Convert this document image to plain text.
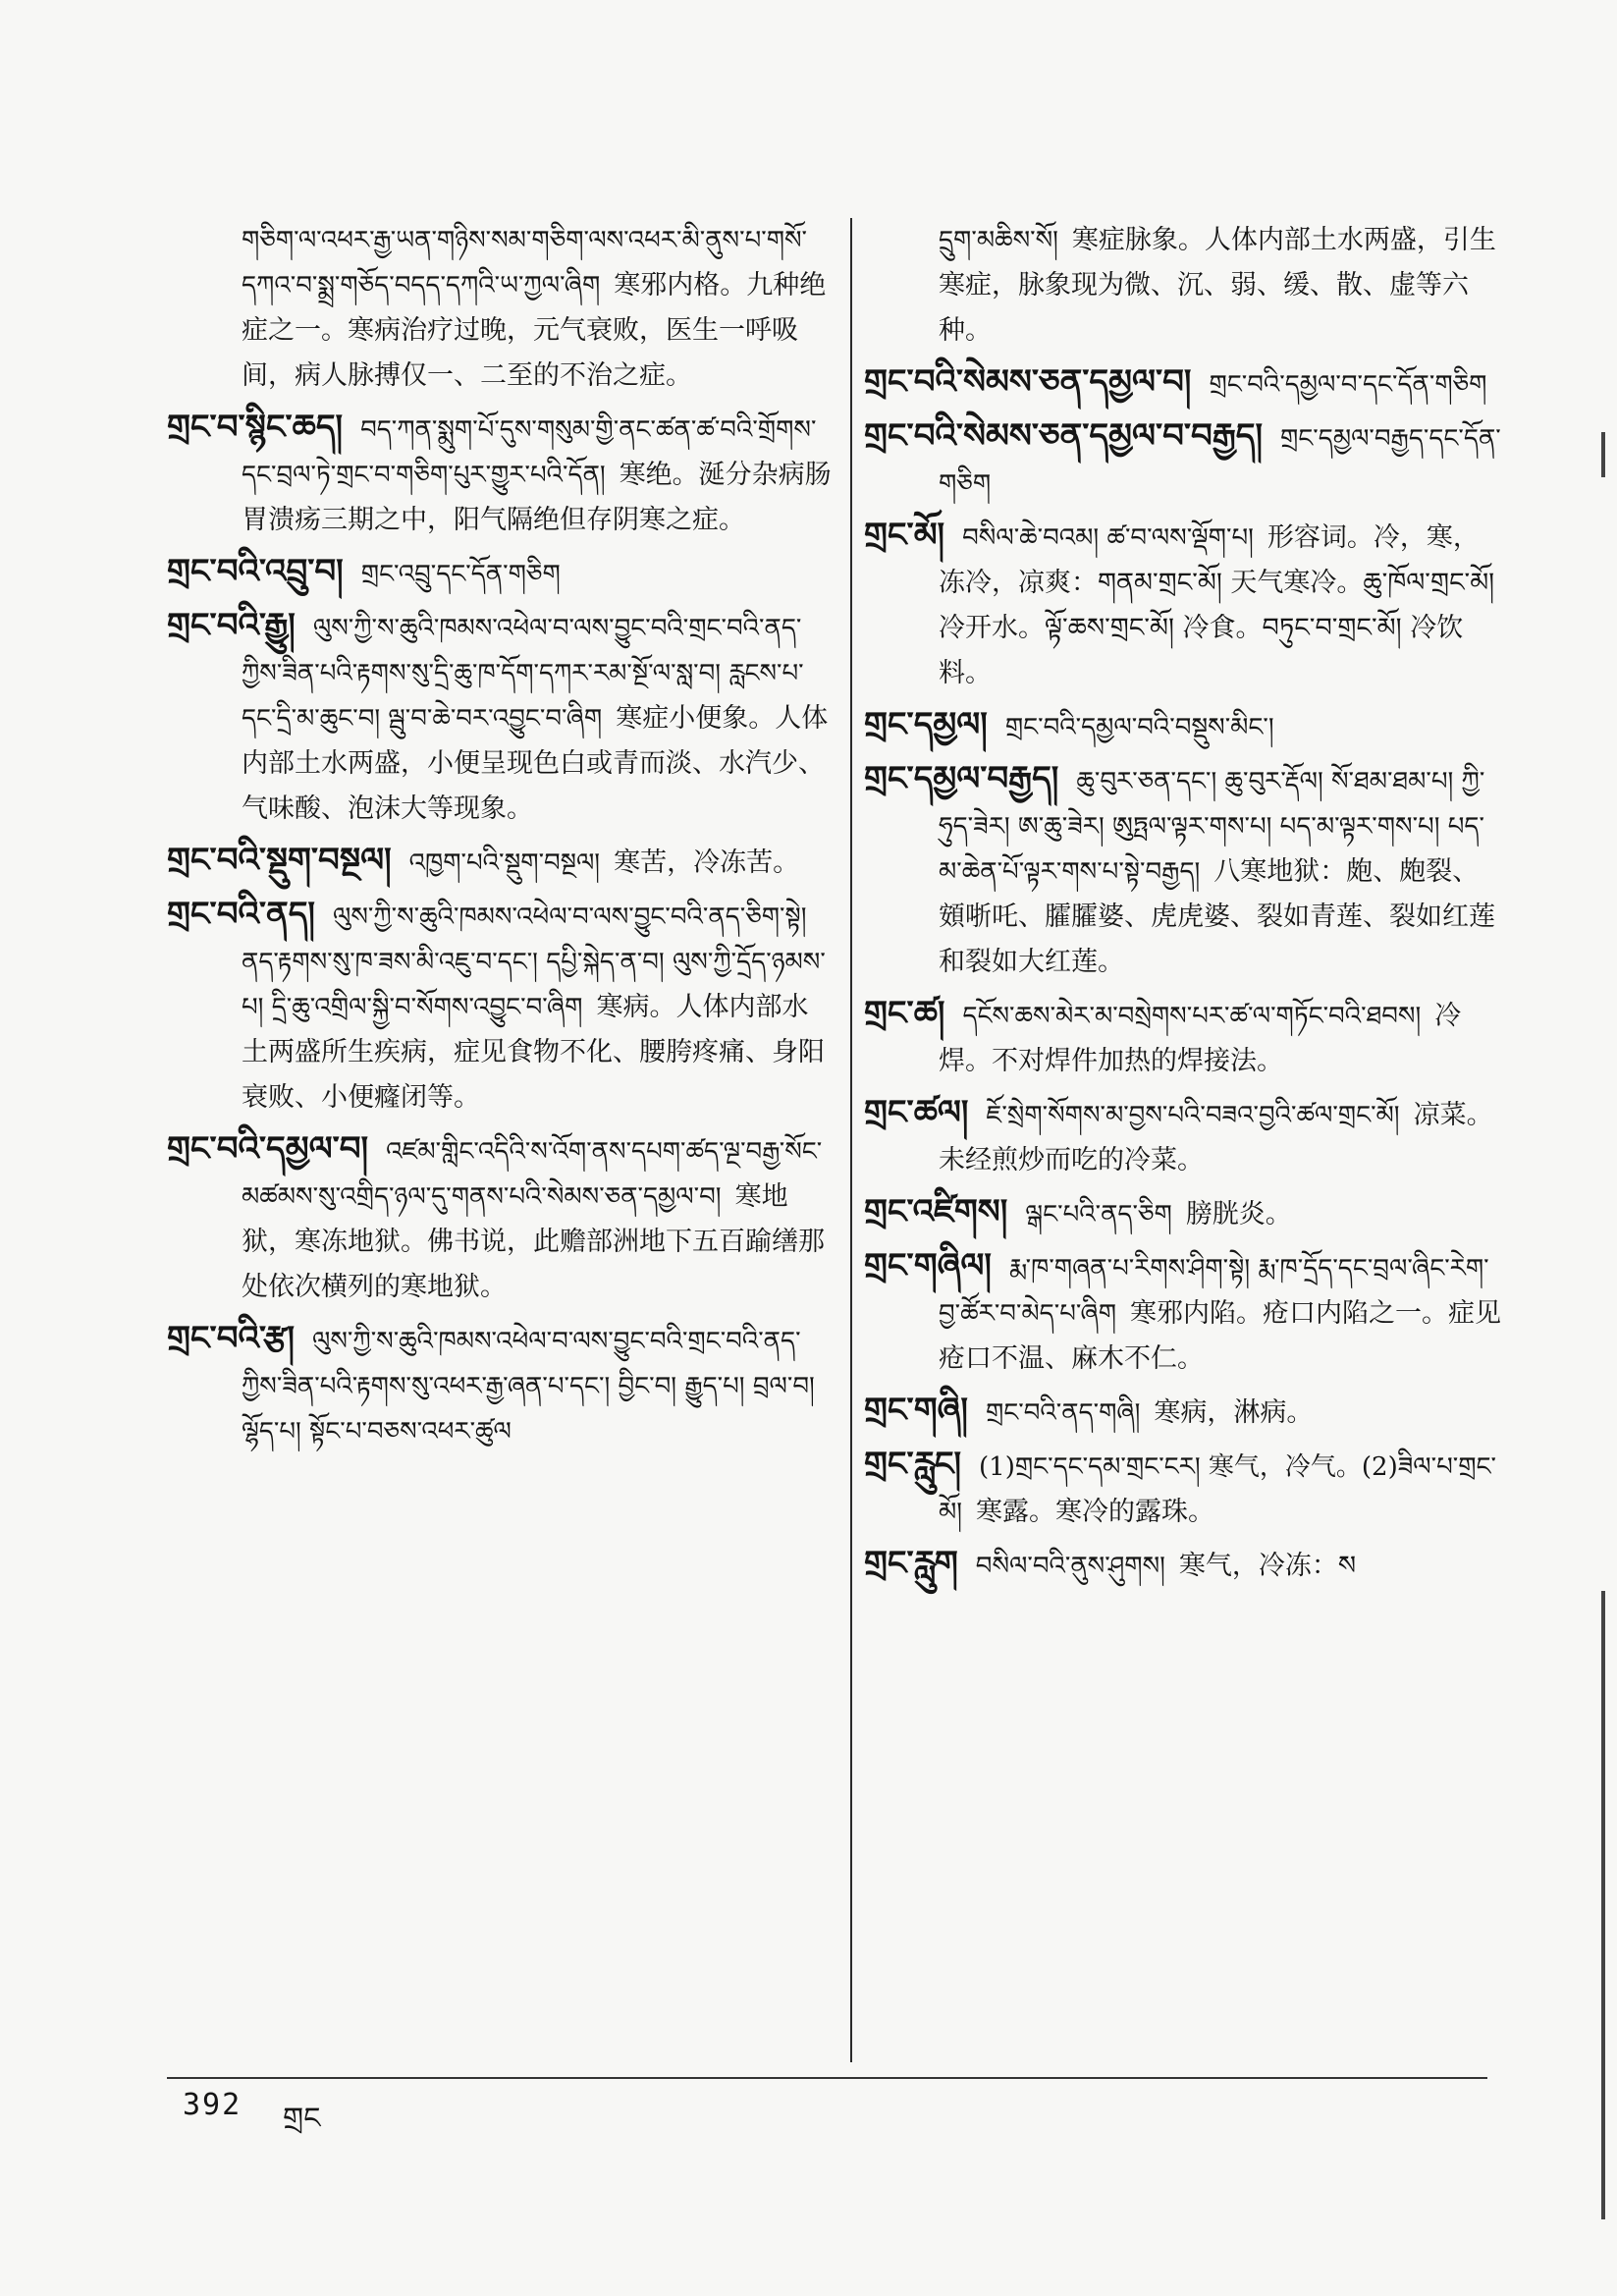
གཅིག་ལ་འཕར་རྒྱ་ཡན་གཉིས་སམ་གཅིག་ལས་འཕར་མི་ནུས་པ་གསོ་དཀའ་བ་སྨྲ་གཅོད་བདད་དཀའི་ཡ་ཀྱལ་ཞིག 寒邪内格。九种绝症之一。寒病治疗过晚，元气衰败，医生一呼吸间，病人脉搏仅一、二至的不治之症。

གྲང་བ་སྙིང་ཆད། བད་ཀན་སྨུག་པོ་དུས་གསུམ་གྱི་ནང་ཚན་ཚ་བའི་གྲོགས་དང་བྲལ་ཏེ་གྲང་བ་གཅིག་པུར་གྱུར་པའི་དོན། 寒绝。涎分杂病肠胃溃疡三期之中，阳气隔绝但存阴寒之症。

གྲང་བའི་འབྲུ་བ། གྲང་འབྲུ་དང་དོན་གཅིག

གྲང་བའི་རྒྱུ། ལུས་ཀྱི་ས་ཆུའི་ཁམས་འཕེལ་བ་ལས་བྱུང་བའི་གྲང་བའི་ནད་ཀྱིས་ཟིན་པའི་རྟགས་སུ་དྲི་ཆུ་ཁ་དོག་དཀར་རམ་སྔོ་ལ་སླ་བ། རླངས་པ་དང་དྲི་མ་ཆུང་བ། ལྦུ་བ་ཆེ་བར་འབྱུང་བ་ཞིག 寒症小便象。人体内部土水两盛，小便呈现色白或青而淡、水汽少、气味酸、泡沫大等现象。

གྲང་བའི་སྡུག་བསྔལ། འཁྱག་པའི་སྡུག་བསྔལ། 寒苦，冷冻苦。

གྲང་བའི་ནད། ལུས་ཀྱི་ས་ཆུའི་ཁམས་འཕེལ་བ་ལས་བྱུང་བའི་ནད་ཅིག་སྟེ། ནད་རྟགས་སུ་ཁ་ཟས་མི་འཇུ་བ་དང་། དཔྱི་སྐེད་ན་བ། ལུས་ཀྱི་དྲོད་ཉམས་པ། དྲི་ཆུ་འགྲིལ་སྐྱི་བ་སོགས་འབྱུང་བ་ཞིག 寒病。人体内部水土两盛所生疾病，症见食物不化、腰胯疼痛、身阳衰败、小便癃闭等。

གྲང་བའི་དམྱལ་བ། འཛམ་གླིང་འདིའི་ས་འོག་ནས་དཔག་ཚད་ལྔ་བརྒྱ་སོང་མཚམས་སུ་འགྲིད་ཉལ་དུ་གནས་པའི་སེམས་ཅན་དམྱལ་བ། 寒地狱，寒冻地狱。佛书说，此赡部洲地下五百踰缮那处依次横列的寒地狱。

གྲང་བའི་རྩ། ལུས་ཀྱི་ས་ཆུའི་ཁམས་འཕེལ་བ་ལས་བྱུང་བའི་གྲང་བའི་ནད་ཀྱིས་ཟིན་པའི་རྟགས་སུ་འཕར་རྒྱ་ཞན་པ་དང་། བྱིང་བ། རྒྱུད་པ། བྲལ་བ། ལྷོད་པ། སྟོང་པ་བཅས་འཕར་ཚུལ

དྲུག་མཆིས་སོ། 寒症脉象。人体内部土水两盛，引生寒症，脉象现为微、沉、弱、缓、散、虚等六种。

གྲང་བའི་སེམས་ཅན་དམྱལ་བ། གྲང་བའི་དམྱལ་བ་དང་དོན་གཅིག

གྲང་བའི་སེམས་ཅན་དམྱལ་བ་བརྒྱད། གྲང་དམྱལ་བརྒྱད་དང་དོན་གཅིག

གྲང་མོ། བསིལ་ཆེ་བའམ། ཚ་བ་ལས་ལྡོག་པ། 形容词。冷，寒，冻冷，凉爽：གནམ་གྲང་མོ། 天气寒冷。ཆུ་ཁོལ་གྲང་མོ། 冷开水。ལྟོ་ཆས་གྲང་མོ། 冷食。བཏུང་བ་གྲང་མོ། 冷饮料。

གྲང་དམྱལ། གྲང་བའི་དམྱལ་བའི་བསྡུས་མིང་།

གྲང་དམྱལ་བརྒྱད། ཆུ་བུར་ཅན་དང་། ཆུ་བུར་རྡོལ། སོ་ཐམ་ཐམ་པ། ཀྱི་ཧུད་ཟེར། ཨ་ཆུ་ཟེར། ཨུཏྤལ་ལྟར་གས་པ། པད་མ་ལྟར་གས་པ། པད་མ་ཆེན་པོ་ལྟར་གས་པ་སྟེ་བརྒྱད། 八寒地狱：皰、皰裂、頞哳吒、臛臛婆、虎虎婆、裂如青莲、裂如红莲和裂如大红莲。

གྲང་ཚ། དངོས་ཆས་མེར་མ་བསྲེགས་པར་ཚ་ལ་གཏོང་བའི་ཐབས། 冷焊。不对焊件加热的焊接法。

གྲང་ཚལ། ཇོ་སྲེག་སོགས་མ་བྱས་པའི་བཟའ་བྱའི་ཚལ་གྲང་མོ། 凉菜。未经煎炒而吃的冷菜。

གྲང་འཛིགས། ལྒང་པའི་ནད་ཅིག 膀胱炎。

གྲང་གཞིལ། རྨ་ཁ་གཞན་པ་རིགས་ཤིག་སྟེ། རྨ་ཁ་དྲོད་དང་བྲལ་ཞིང་རེག་བྱ་ཚོར་བ་མེད་པ་ཞིག 寒邪内陷。疮口内陷之一。症见疮口不温、麻木不仁。

གྲང་གཞི། གྲང་བའི་ནད་གཞི། 寒病，淋病。

གྲང་རླུང། (1)གྲང་དང་དམ་གྲང་ངར། 寒气，冷气。(2)ཟིལ་པ་གྲང་མོ། 寒露。寒冷的露珠。

གྲང་རླུག བསིལ་བའི་ནུས་ཤུགས། 寒气，冷冻：ས

392 གྲང
